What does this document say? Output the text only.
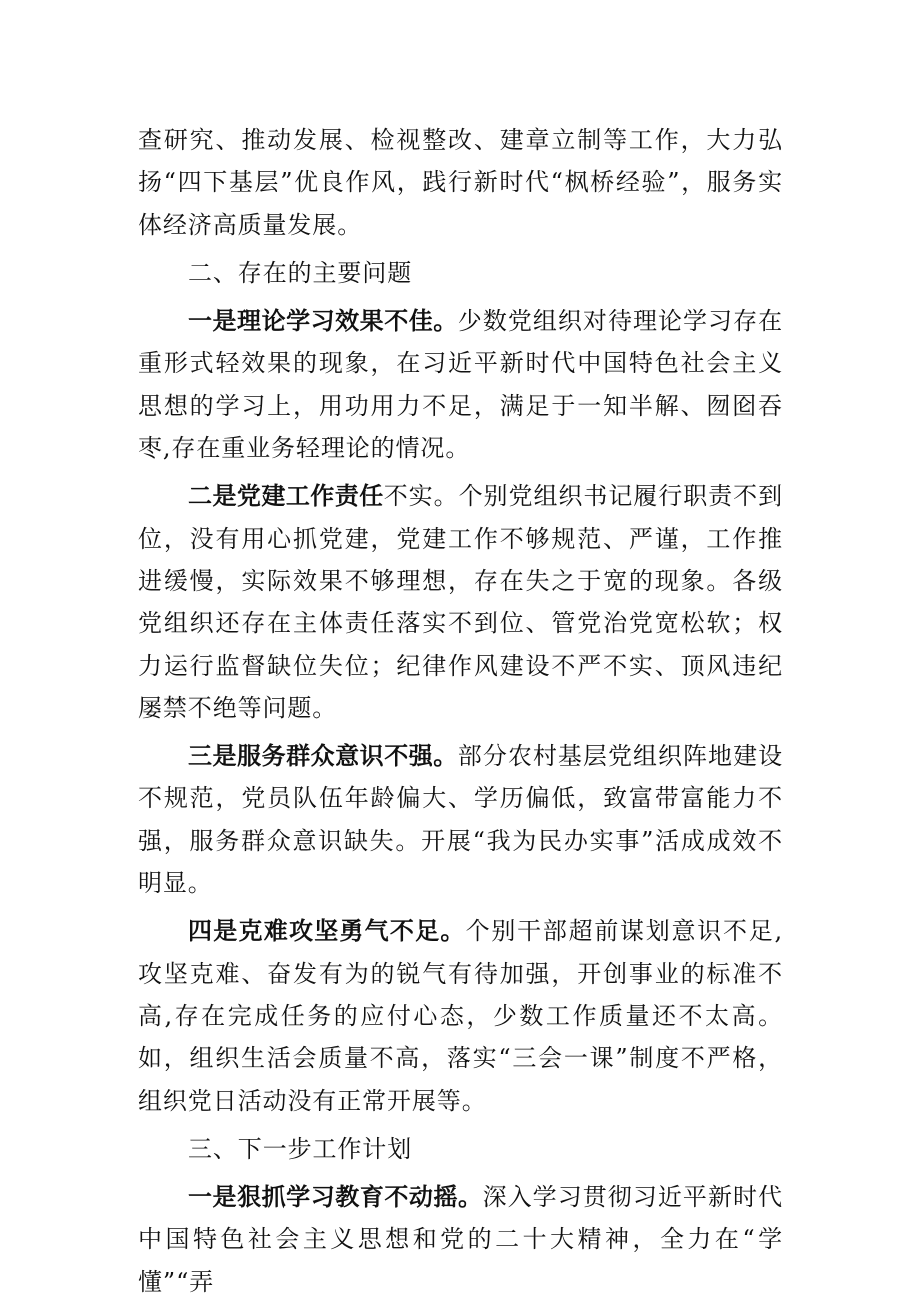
查研究、推动发展、检视整改、建章立制等工作，大力弘扬“四下基层”优良作风，践行新时代“枫桥经验”，服务实体经济高质量发展。

二、存在的主要问题

一是理论学习效果不佳。少数党组织对待理论学习存在重形式轻效果的现象，在习近平新时代中国特色社会主义思想的学习上，用功用力不足，满足于一知半解、囫囵吞枣,存在重业务轻理论的情况。

二是党建工作责任不实。个别党组织书记履行职责不到位，没有用心抓党建，党建工作不够规范、严谨，工作推进缓慢，实际效果不够理想，存在失之于宽的现象。各级党组织还存在主体责任落实不到位、管党治党宽松软；权力运行监督缺位失位；纪律作风建设不严不实、顶风违纪屡禁不绝等问题。

三是服务群众意识不强。部分农村基层党组织阵地建设不规范，党员队伍年龄偏大、学历偏低，致富带富能力不强，服务群众意识缺失。开展“我为民办实事”活成成效不明显。

四是克难攻坚勇气不足。个别干部超前谋划意识不足,攻坚克难、奋发有为的锐气有待加强，开创事业的标准不高,存在完成任务的应付心态，少数工作质量还不太高。如，组织生活会质量不高，落实“三会一课”制度不严格，组织党日活动没有正常开展等。

三、下一步工作计划

一是狠抓学习教育不动摇。深入学习贯彻习近平新时代中国特色社会主义思想和党的二十大精神，全力在“学懂”“弄
